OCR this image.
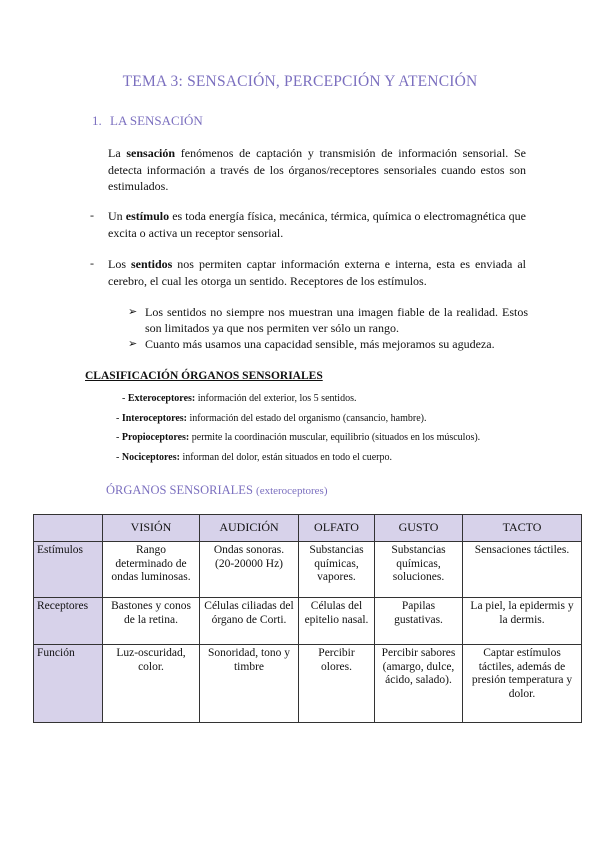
TEMA 3: SENSACIÓN, PERCEPCIÓN Y ATENCIÓN
1. LA SENSACIÓN

La sensación fenómenos de captación y transmisión de información sensorial. Se detecta información a través de los órganos/receptores sensoriales cuando estos son estimulados.

- Un estímulo es toda energía física, mecánica, térmica, química o electromagnética que excita o activa un receptor sensorial.

- Los sentidos nos permiten captar información externa e interna, esta es enviada al cerebro, el cual les otorga un sentido. Receptores de los estímulos.

➢ Los sentidos no siempre nos muestran una imagen fiable de la realidad. Estos son limitados ya que nos permiten ver sólo un rango.
➢ Cuanto más usamos una capacidad sensible, más mejoramos su agudeza.
CLASIFICACIÓN ÓRGANOS SENSORIALES
- Exteroceptores: información del exterior, los 5 sentidos.
- Interoceptores: información del estado del organismo (cansancio, hambre).
- Propioceptores: permite la coordinación muscular, equilibrio (situados en los músculos).
- Nociceptores: informan del dolor, están situados en todo el cuerpo.
ÓRGANOS SENSORIALES (exteroceptores)
	VISIÓN	AUDICIÓN	OLFATO	GUSTO	TACTO
Estímulos	Rango determinado de ondas luminosas.	Ondas sonoras. (20-20000 Hz)	Substancias químicas, vapores.	Substancias químicas, soluciones.	Sensaciones táctiles.
Receptores	Bastones y conos de la retina.	Células ciliadas del órgano de Corti.	Células del epitelio nasal.	Papilas gustativas.	La piel, la epidermis y la dermis.
Función	Luz-oscuridad, color.	Sonoridad, tono y timbre	Percibir olores.	Percibir sabores (amargo, dulce, ácido, salado).	Captar estímulos táctiles, además de presión temperatura y dolor.
